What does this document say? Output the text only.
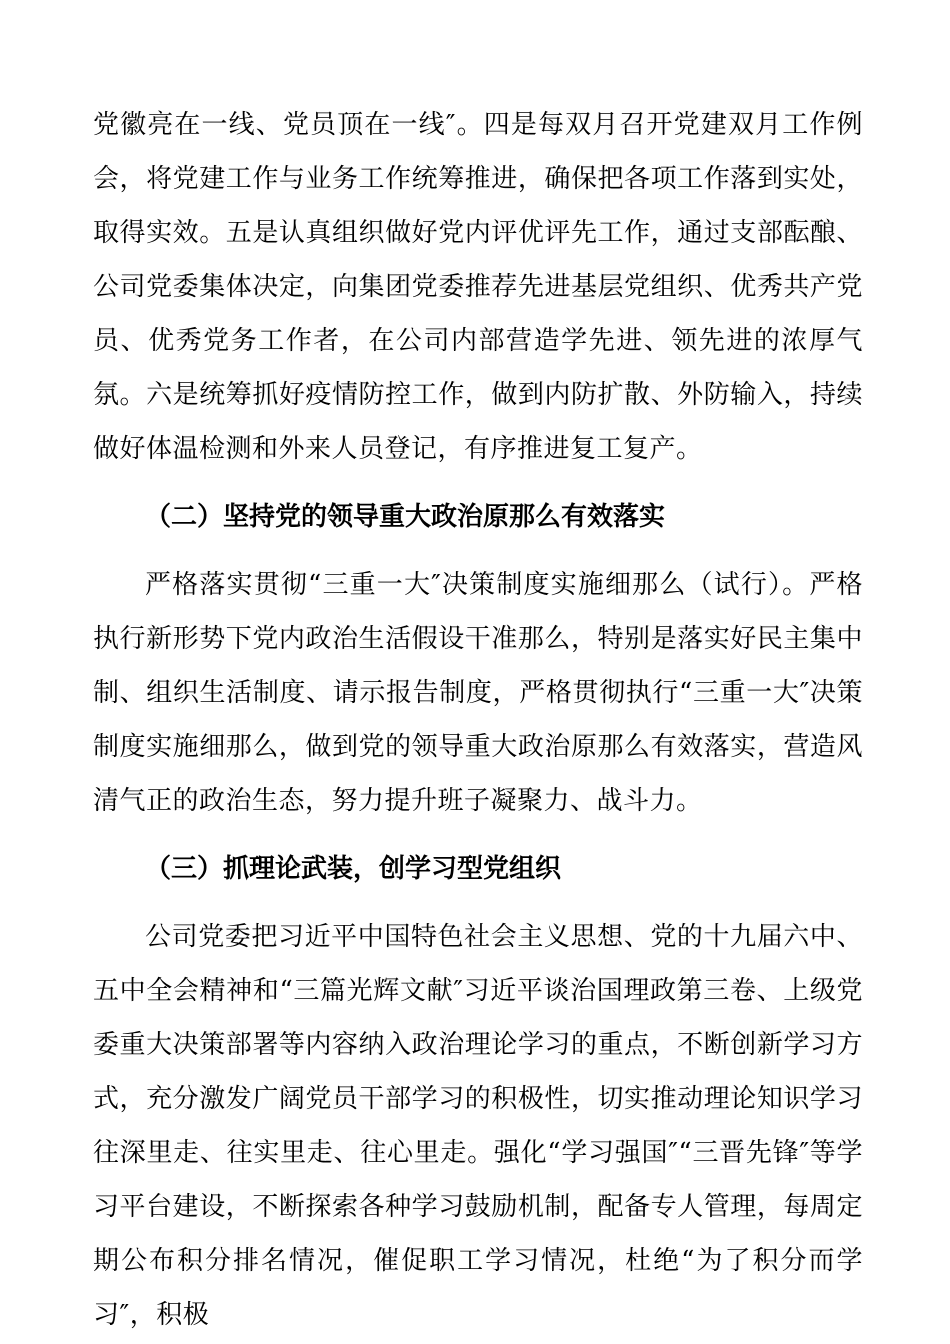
党徽亮在一线、党员顶在一线″。四是每双月召开党建双月工作例会，将党建工作与业务工作统筹推进，确保把各项工作落到实处，取得实效。五是认真组织做好党内评优评先工作，通过支部酝酿、公司党委集体决定，向集团党委推荐先进基层党组织、优秀共产党员、优秀党务工作者，在公司内部营造学先进、领先进的浓厚气氛。六是统筹抓好疫情防控工作，做到内防扩散、外防输入，持续做好体温检测和外来人员登记，有序推进复工复产。

（二）坚持党的领导重大政治原那么有效落实

严格落实贯彻“三重一大″决策制度实施细那么（试行）。严格执行新形势下党内政治生活假设干准那么，特别是落实好民主集中制、组织生活制度、请示报告制度，严格贯彻执行“三重一大″决策制度实施细那么，做到党的领导重大政治原那么有效落实，营造风清气正的政治生态，努力提升班子凝聚力、战斗力。

（三）抓理论武装，创学习型党组织

公司党委把习近平中国特色社会主义思想、党的十九届六中、五中全会精神和“三篇光辉文献″习近平谈治国理政第三卷、上级党委重大决策部署等内容纳入政治理论学习的重点，不断创新学习方式，充分激发广阔党员干部学习的积极性，切实推动理论知识学习往深里走、往实里走、往心里走。强化“学习强国″“三晋先锋″等学习平台建设，不断探索各种学习鼓励机制，配备专人管理，每周定期公布积分排名情况，催促职工学习情况，杜绝“为了积分而学习″，积极
